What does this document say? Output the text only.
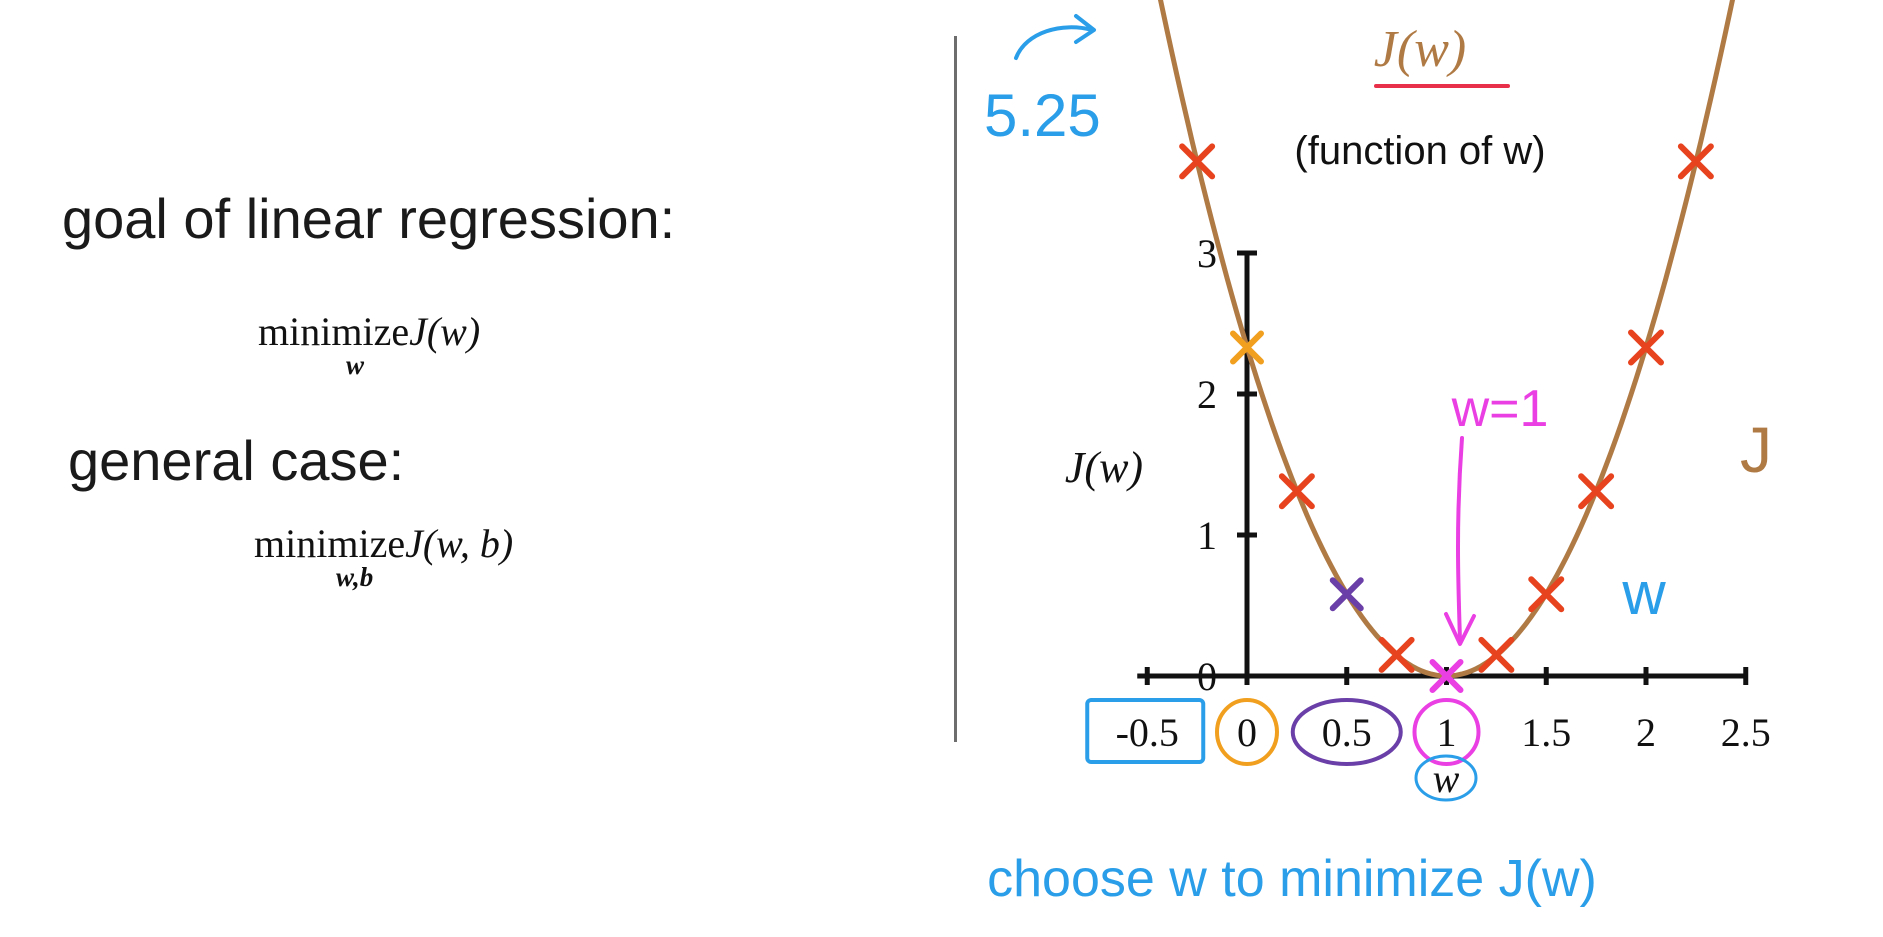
goal of linear regression:
minimizeJ(w)
w
general case:
minimizeJ(w, b)
w,b
5.25
J(w)
(function of w)
J(w)
-0.5 0 0.5 1 1.5 2 2.5
0
1
2
3
w=1
J
w
w
choose w to minimize J(w)
